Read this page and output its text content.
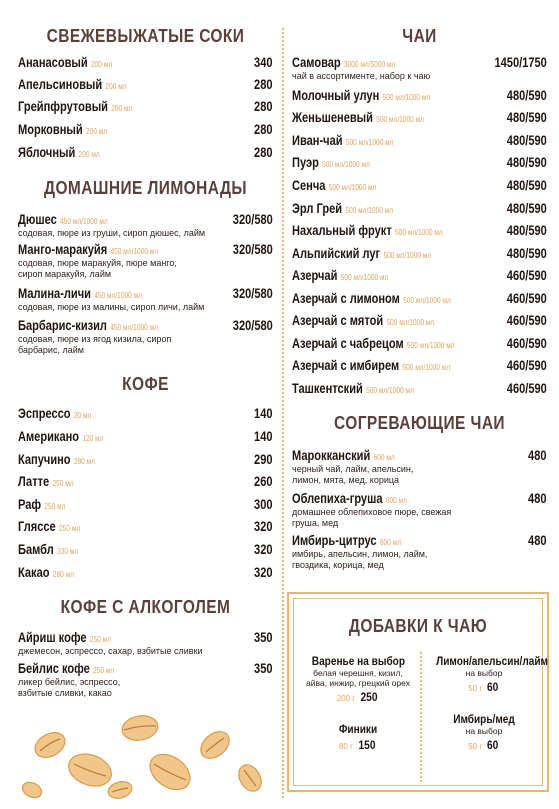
СВЕЖЕВЫЖАТЫЕ СОКИ
Ананасовый 200 мл	340
Апельсиновый 200 мл	280
Грейпфрутовый 200 мл	280
Морковный 200 мл	280
Яблочный 200 мл	280
ДОМАШНИЕ ЛИМОНАДЫ
Дюшес 450 мл/1000 мл	320/580
содовая, пюре из груши, сироп дюшес, лайм
Манго-маракуйя 450 мл/1000 мл	320/580
содовая, пюре маракуйя, пюре манго, сироп маракуйя, лайм
Малина-личи 450 мл/1000 мл	320/580
содовая, пюре из малины, сироп личи, лайм
Барбарис-кизил 450 мл/1000 мл	320/580
содовая, пюре из ягод кизила, сироп барбарис, лайм
КОФЕ
Эспрессо 20 мл	140
Американо 120 мл	140
Капучино 280 мл	290
Латте 250 мл	260
Раф 250 мл	300
Гляссе 250 мл	320
Бамбл 330 мл	320
Какао 280 мл	320
КОФЕ С АЛКОГОЛЕМ
Айриш кофе 250 мл	350
джемесон, эспрессо, сахар, взбитые сливки
Бейлис кофе 250 мл	350
ликер бейлис, эспрессо, взбитые сливки, какао
ЧАИ
Самовар 3000 мл/5000 мл	1450/1750
чай в ассортименте, набор к чаю
Молочный улун 500 мл/1000 мл	480/590
Женьшеневый 500 мл/1000 мл	480/590
Иван-чай 500 мл/1000 мл	480/590
Пуэр 500 мл/1000 мл	480/590
Сенча 500 мл/1000 мл	480/590
Эрл Грей 500 мл/1000 мл	480/590
Нахальный фрукт 500 мл/1000 мл	480/590
Альпийский луг 500 мл/1000 мл	480/590
Азерчай 500 мл/1000 мл	460/590
Азерчай с лимоном 500 мл/1000 мл	460/590
Азерчай с мятой 500 мл/1000 мл	460/590
Азерчай с чабрецом 500 мл/1000 мл	460/590
Азерчай с имбирем 500 мл/1000 мл	460/590
Ташкентский 500 мл/1000 мл	460/590
СОГРЕВАЮЩИЕ ЧАИ
Марокканский 600 мл	480
черный чай, лайм, апельсин, лимон, мята, мед, корица
Облепиха-груша 600 мл	480
домашнее облепиховое пюре, свежая груша, мед
Имбирь-цитрус 600 мл	480
имбирь, апельсин, лимон, лайм, гвоздика, корица, мед
ДОБАВКИ К ЧАЮ
Варенье на выбор
белая черешня, кизил, айва, инжир, грецкий орех
200 г 250
Лимон/апельсин/лайм
на выбор
50 г 60
Финики
80 г 150
Имбирь/мед
на выбор
50 г 60
